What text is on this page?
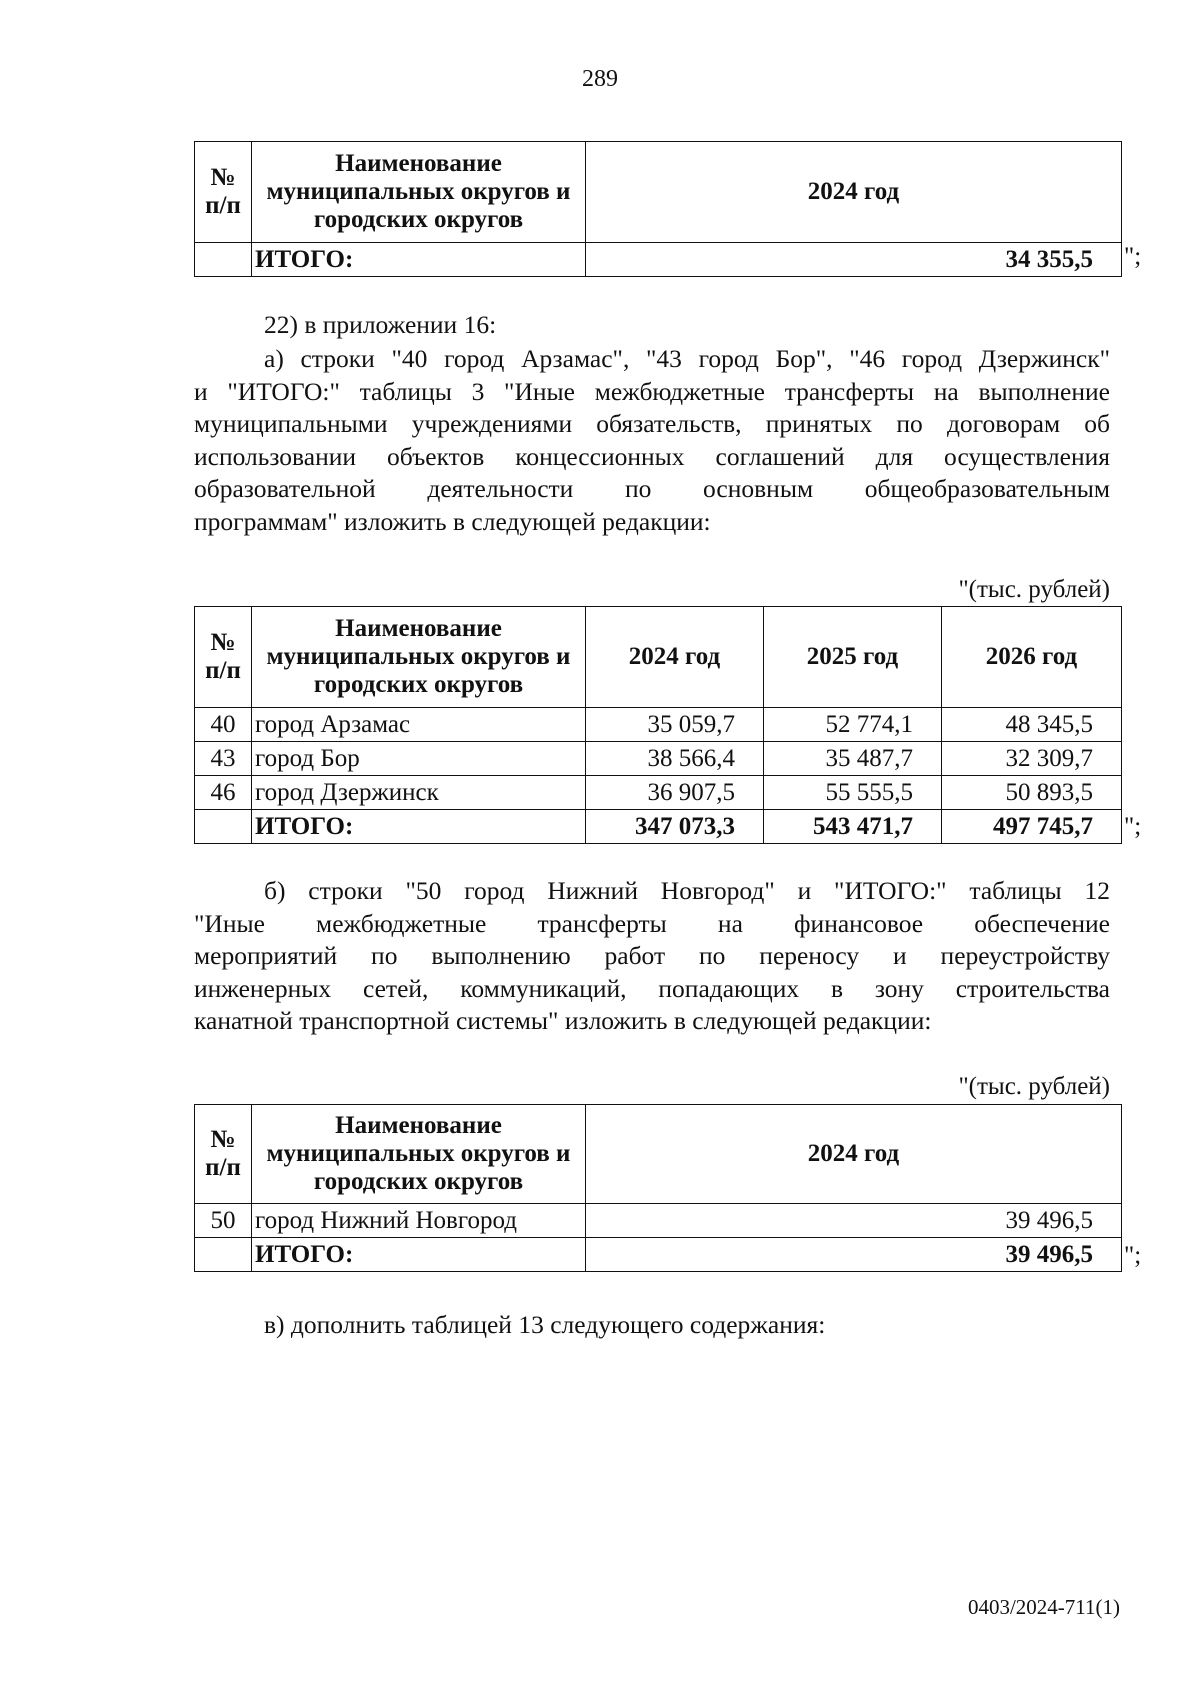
289
№ п/п	Наименование муниципальных округов и городских округов	2024 год
	ИТОГО:	34 355,5 ";
22) в приложении 16:
а) строки "40 город Арзамас", "43 город Бор", "46 город Дзержинск"
и "ИТОГО:" таблицы 3 "Иные межбюджетные трансферты на выполнение
муниципальными учреждениями обязательств, принятых по договорам об
использовании объектов концессионных соглашений для осуществления
образовательной деятельности по основным общеобразовательным
программам" изложить в следующей редакции:
"(тыс. рублей)
№ п/п	Наименование муниципальных округов и городских округов	2024 год	2025 год	2026 год
40	город Арзамас	35 059,7	52 774,1	48 345,5
43	город Бор	38 566,4	35 487,7	32 309,7
46	город Дзержинск	36 907,5	55 555,5	50 893,5
	ИТОГО:	347 073,3	543 471,7	497 745,7 ";
б) строки "50 город Нижний Новгород" и "ИТОГО:" таблицы 12
"Иные межбюджетные трансферты на финансовое обеспечение
мероприятий по выполнению работ по переносу и переустройству
инженерных сетей, коммуникаций, попадающих в зону строительства
канатной транспортной системы" изложить в следующей редакции:
"(тыс. рублей)
№ п/п	Наименование муниципальных округов и городских округов	2024 год
50	город Нижний Новгород	39 496,5
	ИТОГО:	39 496,5 ";
в) дополнить таблицей 13 следующего содержания:
0403/2024-711(1)
